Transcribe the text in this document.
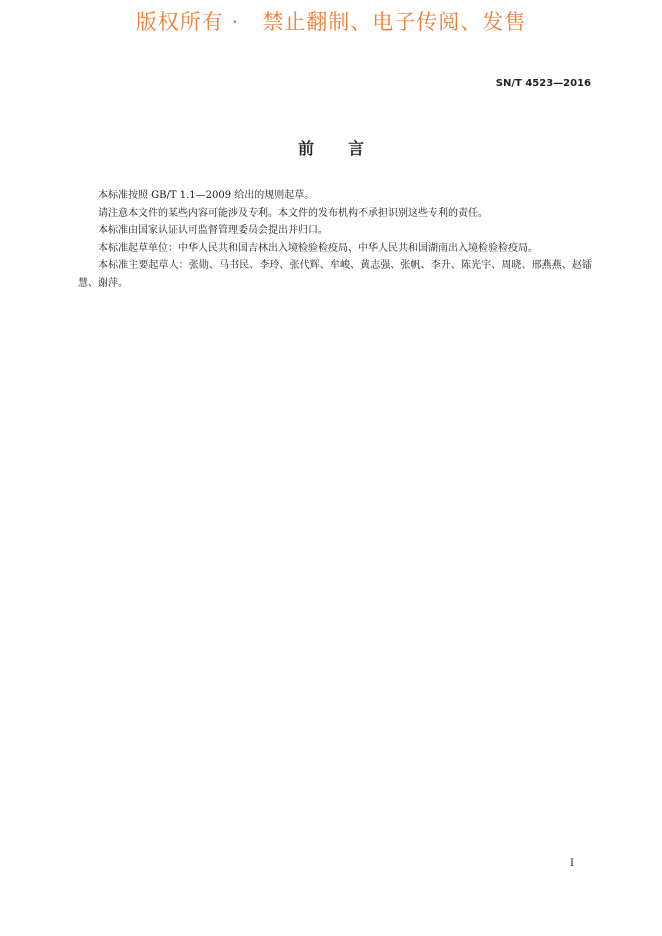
版权所有 ·   禁止翻制、电子传阅、发售
SN/T 4523—2016
前言

本标准按照 GB/T 1.1—2009 给出的规则起草。

请注意本文件的某些内容可能涉及专利。本文件的发布机构不承担识别这些专利的责任。

本标准由国家认证认可监督管理委员会提出并归口。

本标准起草单位：中华人民共和国吉林出入境检验检疫局、中华人民共和国湖南出入境检验检疫局。

本标准主要起草人：张勋、马书民、李玲、张代辉、牟峻、黄志强、张帆、李升、陈光宇、周晓、邢燕燕、赵镭慧、谢萍。

I
